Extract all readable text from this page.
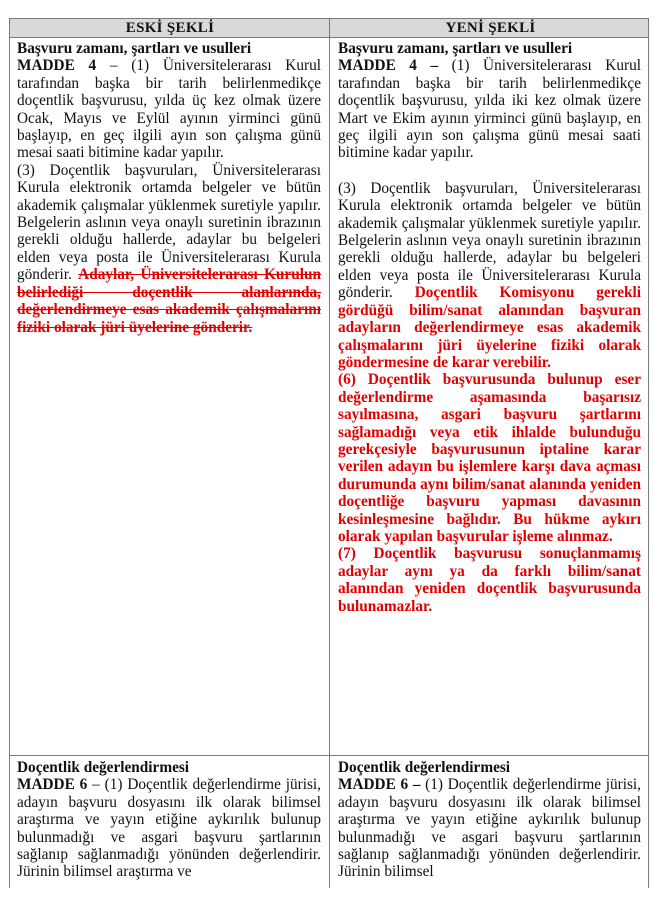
ESKİ ŞEKLİ	YENİ ŞEKLİ

Başvuru zamanı, şartları ve usulleri

MADDE 4 – (1) Üniversitelerarası Kurul tarafından başka bir tarih belirlenmedikçe doçentlik başvurusu, yılda üç kez olmak üzere Ocak, Mayıs ve Eylül ayının yirminci günü başlayıp, en geç ilgili ayın son çalışma günü mesai saati bitimine kadar yapılır.

(3) Doçentlik başvuruları, Üniversitelerarası Kurula elektronik ortamda belgeler ve bütün akademik çalışmalar yüklenmek suretiyle yapılır. Belgelerin aslının veya onaylı suretinin ibrazının gerekli olduğu hallerde, adaylar bu belgeleri elden veya posta ile Üniversitelerarası Kurula gönderir. Adaylar, Üniversitelerarası Kurulun belirlediği doçentlik alanlarında, değerlendirmeye esas akademik çalışmalarını fiziki olarak jüri üyelerine gönderir.

Başvuru zamanı, şartları ve usulleri

MADDE 4 – (1) Üniversitelerarası Kurul tarafından başka bir tarih belirlenmedikçe doçentlik başvurusu, yılda iki kez olmak üzere Mart ve Ekim ayının yirminci günü başlayıp, en geç ilgili ayın son çalışma günü mesai saati bitimine kadar yapılır.

(3) Doçentlik başvuruları, Üniversitelerarası Kurula elektronik ortamda belgeler ve bütün akademik çalışmalar yüklenmek suretiyle yapılır. Belgelerin aslının veya onaylı suretinin ibrazının gerekli olduğu hallerde, adaylar bu belgeleri elden veya posta ile Üniversitelerarası Kurula gönderir. Doçentlik Komisyonu gerekli gördüğü bilim/sanat alanından başvuran adayların değerlendirmeye esas akademik çalışmalarını jüri üyelerine fiziki olarak göndermesine de karar verebilir.

(6) Doçentlik başvurusunda bulunup eser değerlendirme aşamasında başarısız sayılmasına, asgari başvuru şartlarını sağlamadığı veya etik ihlalde bulunduğu gerekçesiyle başvurusunun iptaline karar verilen adayın bu işlemlere karşı dava açması durumunda aynı bilim/sanat alanında yeniden doçentliğe başvuru yapması davasının kesinleşmesine bağlıdır. Bu hükme aykırı olarak yapılan başvurular işleme alınmaz.

(7) Doçentlik başvurusu sonuçlanmamış adaylar aynı ya da farklı bilim/sanat alanından yeniden doçentlik başvurusunda bulunamazlar.

Doçentlik değerlendirmesi

MADDE 6 – (1) Doçentlik değerlendirme jürisi, adayın başvuru dosyasını ilk olarak bilimsel araştırma ve yayın etiğine aykırılık bulunup bulunmadığı ve asgari başvuru şartlarının sağlanıp sağlanmadığı yönünden değerlendirir. Jürinin bilimsel araştırma ve

Doçentlik değerlendirmesi

MADDE 6 – (1) Doçentlik değerlendirme jürisi, adayın başvuru dosyasını ilk olarak bilimsel araştırma ve yayın etiğine aykırılık bulunup bulunmadığı ve asgari başvuru şartlarının sağlanıp sağlanmadığı yönünden değerlendirir. Jürinin bilimsel
